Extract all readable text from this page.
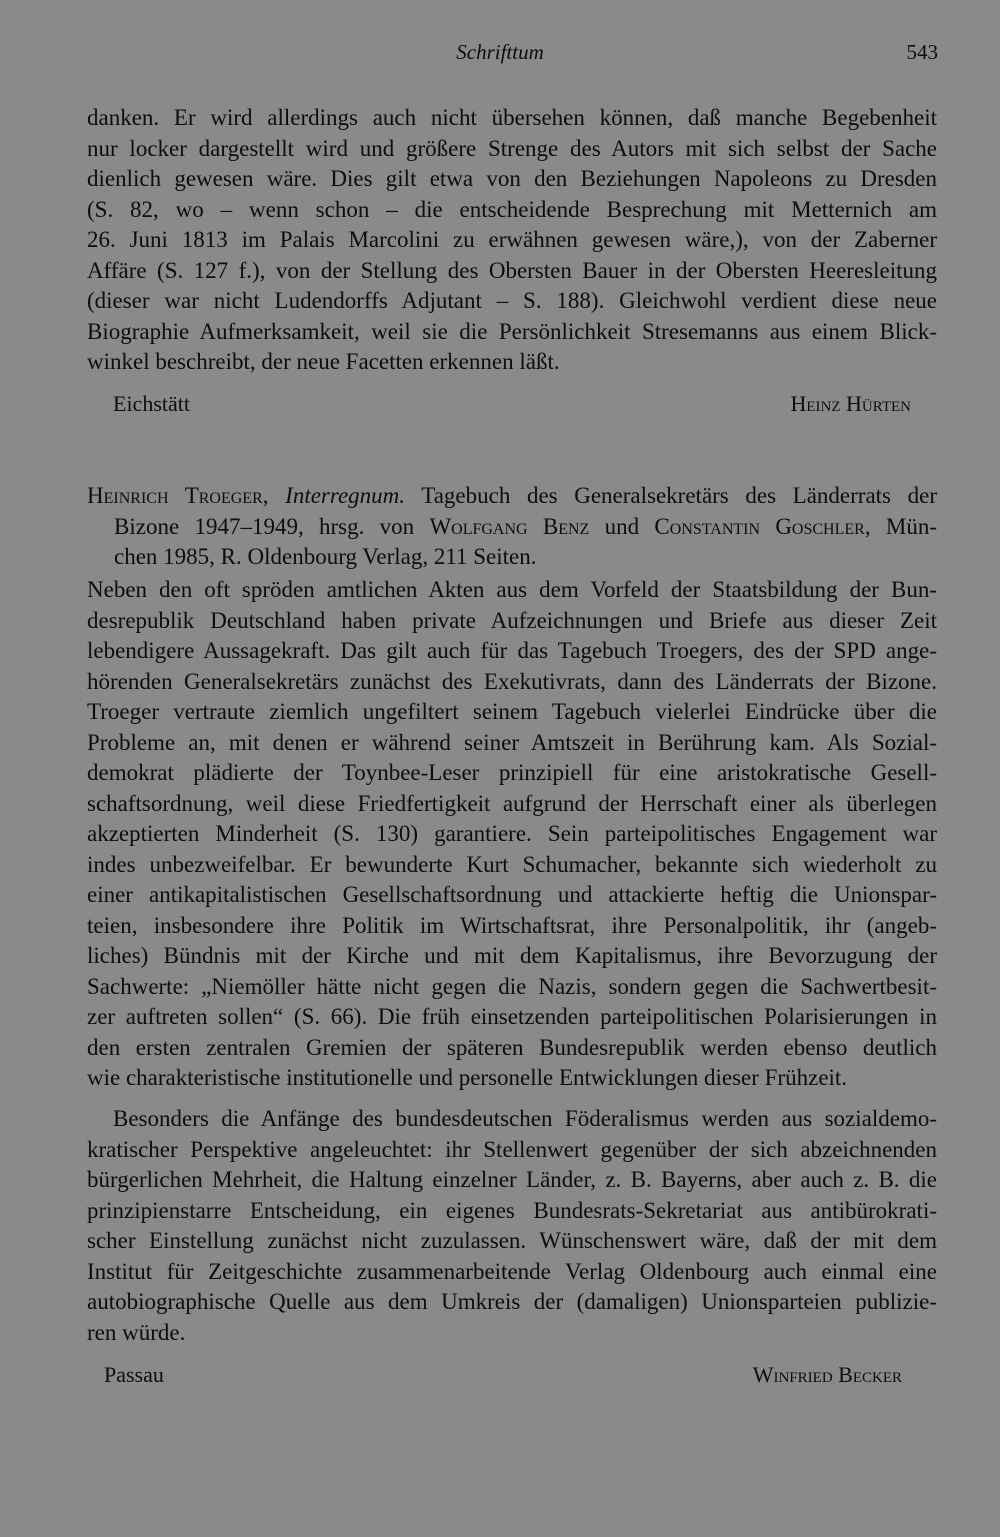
Schrifttum	543
danken. Er wird allerdings auch nicht übersehen können, daß manche Begebenheit
nur locker dargestellt wird und größere Strenge des Autors mit sich selbst der Sache
dienlich gewesen wäre. Dies gilt etwa von den Beziehungen Napoleons zu Dresden
(S. 82, wo – wenn schon – die entscheidende Besprechung mit Metternich am
26. Juni 1813 im Palais Marcolini zu erwähnen gewesen wäre,), von der Zaberner
Affäre (S. 127 f.), von der Stellung des Obersten Bauer in der Obersten Heeresleitung
(dieser war nicht Ludendorffs Adjutant – S. 188). Gleichwohl verdient diese neue
Biographie Aufmerksamkeit, weil sie die Persönlichkeit Stresemanns aus einem Blick-
winkel beschreibt, der neue Facetten erkennen läßt.
Eichstätt	Heinz Hürten
Heinrich Troeger, Interregnum. Tagebuch des Generalsekretärs des Länderrats der
Bizone 1947–1949, hrsg. von Wolfgang Benz und Constantin Goschler, Mün-
chen 1985, R. Oldenbourg Verlag, 211 Seiten.
Neben den oft spröden amtlichen Akten aus dem Vorfeld der Staatsbildung der Bun-
desrepublik Deutschland haben private Aufzeichnungen und Briefe aus dieser Zeit
lebendigere Aussagekraft. Das gilt auch für das Tagebuch Troegers, des der SPD ange-
hörenden Generalsekretärs zunächst des Exekutivrats, dann des Länderrats der Bizone.
Troeger vertraute ziemlich ungefiltert seinem Tagebuch vielerlei Eindrücke über die
Probleme an, mit denen er während seiner Amtszeit in Berührung kam. Als Sozial-
demokrat plädierte der Toynbee-Leser prinzipiell für eine aristokratische Gesell-
schaftsordnung, weil diese Friedfertigkeit aufgrund der Herrschaft einer als überlegen
akzeptierten Minderheit (S. 130) garantiere. Sein parteipolitisches Engagement war
indes unbezweifelbar. Er bewunderte Kurt Schumacher, bekannte sich wiederholt zu
einer antikapitalistischen Gesellschaftsordnung und attackierte heftig die Unionspar-
teien, insbesondere ihre Politik im Wirtschaftsrat, ihre Personalpolitik, ihr (angeb-
liches) Bündnis mit der Kirche und mit dem Kapitalismus, ihre Bevorzugung der
Sachwerte: „Niemöller hätte nicht gegen die Nazis, sondern gegen die Sachwertbesit-
zer auftreten sollen“ (S. 66). Die früh einsetzenden parteipolitischen Polarisierungen in
den ersten zentralen Gremien der späteren Bundesrepublik werden ebenso deutlich
wie charakteristische institutionelle und personelle Entwicklungen dieser Frühzeit.
Besonders die Anfänge des bundesdeutschen Föderalismus werden aus sozialdemo-
kratischer Perspektive angeleuchtet: ihr Stellenwert gegenüber der sich abzeichnenden
bürgerlichen Mehrheit, die Haltung einzelner Länder, z. B. Bayerns, aber auch z. B. die
prinzipienstarre Entscheidung, ein eigenes Bundesrats-Sekretariat aus antibürokrati-
scher Einstellung zunächst nicht zuzulassen. Wünschenswert wäre, daß der mit dem
Institut für Zeitgeschichte zusammenarbeitende Verlag Oldenbourg auch einmal eine
autobiographische Quelle aus dem Umkreis der (damaligen) Unionsparteien publizie-
ren würde.
Passau	Winfried Becker
